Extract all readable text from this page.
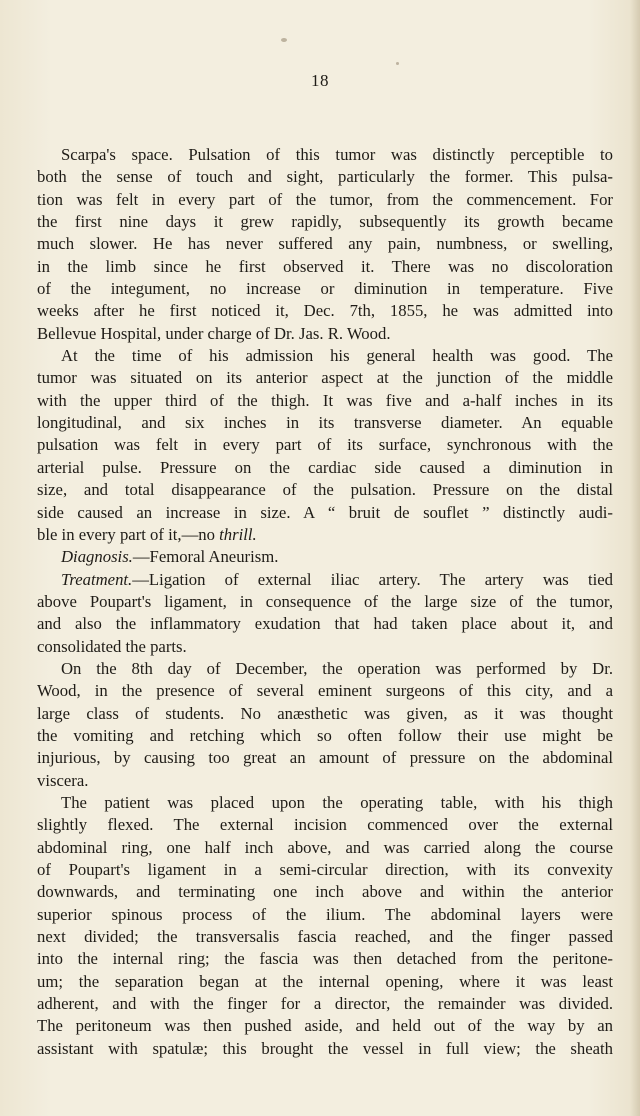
18

Scarpa's space. Pulsation of this tumor was distinctly perceptible to
both the sense of touch and sight, particularly the former. This pulsa-
tion was felt in every part of the tumor, from the commencement. For
the first nine days it grew rapidly, subsequently its growth became
much slower. He has never suffered any pain, numbness, or swelling,
in the limb since he first observed it. There was no discoloration
of the integument, no increase or diminution in temperature. Five
weeks after he first noticed it, Dec. 7th, 1855, he was admitted into
Bellevue Hospital, under charge of Dr. Jas. R. Wood.

At the time of his admission his general health was good. The
tumor was situated on its anterior aspect at the junction of the middle
with the upper third of the thigh. It was five and a-half inches in its
longitudinal, and six inches in its transverse diameter. An equable
pulsation was felt in every part of its surface, synchronous with the
arterial pulse. Pressure on the cardiac side caused a diminution in
size, and total disappearance of the pulsation. Pressure on the distal
side caused an increase in size. A “ bruit de souflet ” distinctly audi-
ble in every part of it,—no thrill.

Diagnosis.—Femoral Aneurism.

Treatment.—Ligation of external iliac artery. The artery was tied
above Poupart's ligament, in consequence of the large size of the tumor,
and also the inflammatory exudation that had taken place about it, and
consolidated the parts.

On the 8th day of December, the operation was performed by Dr.
Wood, in the presence of several eminent surgeons of this city, and a
large class of students. No anæsthetic was given, as it was thought
the vomiting and retching which so often follow their use might be
injurious, by causing too great an amount of pressure on the abdominal
viscera.

The patient was placed upon the operating table, with his thigh
slightly flexed. The external incision commenced over the external
abdominal ring, one half inch above, and was carried along the course
of Poupart's ligament in a semi-circular direction, with its convexity
downwards, and terminating one inch above and within the anterior
superior spinous process of the ilium. The abdominal layers were
next divided; the transversalis fascia reached, and the finger passed
into the internal ring; the fascia was then detached from the peritone-
um; the separation began at the internal opening, where it was least
adherent, and with the finger for a director, the remainder was divided.
The peritoneum was then pushed aside, and held out of the way by an
assistant with spatulæ; this brought the vessel in full view; the sheath
